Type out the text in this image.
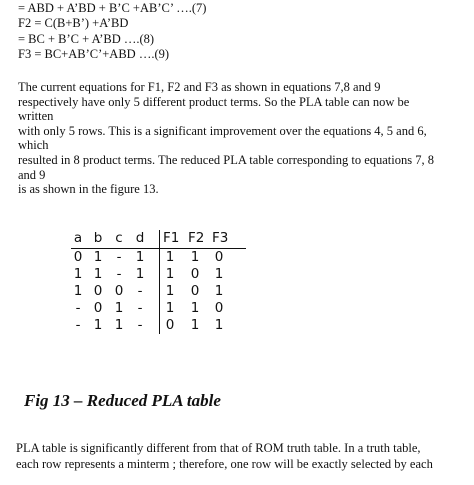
= ABD + A’BD + B’C +AB’C’ ….(7)
F2 = C(B+B’) +A’BD
= BC + B’C + A’BD ….(8)
F3 = BC+AB’C’+ABD ….(9)
The current equations for F1, F2 and F3 as shown in equations 7,8 and 9
respectively have only 5 different product terms. So the PLA table can now be
written
with only 5 rows. This is a significant improvement over the equations 4, 5 and 6,
which
resulted in 8 product terms. The reduced PLA table corresponding to equations 7, 8
and 9
is as shown in the figure 13.
a b c d F1 F2 F3
0 1	-	1 1 1 0
1 1	-	1 1 0 1
1 0 0	-	1 0 1
- 0 1	-	1 1 0
- 1 1	-	0 1 1
Fig 13 – Reduced PLA table
PLA table is significantly different from that of ROM truth table. In a truth table,
each row represents a minterm ; therefore, one row will be exactly selected by each
